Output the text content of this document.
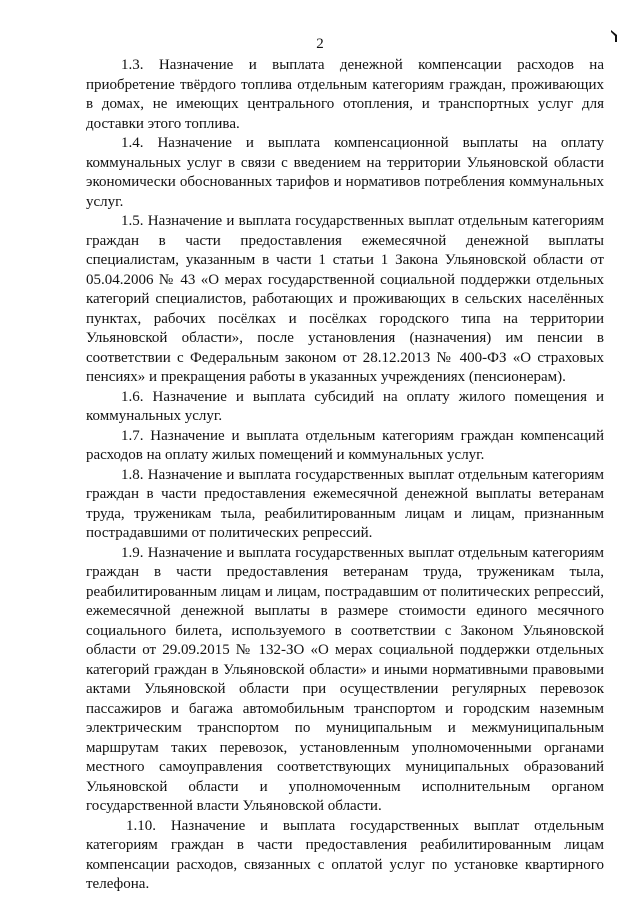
2

1.3. Назначение и выплата денежной компенсации расходов на приобретение твёрдого топлива отдельным категориям граждан, проживающих в домах, не имеющих центрального отопления, и транспортных услуг для доставки этого топлива.

1.4. Назначение и выплата компенсационной выплаты на оплату коммунальных услуг в связи с введением на территории Ульяновской области экономически обоснованных тарифов и нормативов потребления коммунальных услуг.

1.5. Назначение и выплата государственных выплат отдельным категориям граждан в части предоставления ежемесячной денежной выплаты специалистам, указанным в части 1 статьи 1 Закона Ульяновской области от 05.04.2006 № 43 «О мерах государственной социальной поддержки отдельных категорий специалистов, работающих и проживающих в сельских населённых пунктах, рабочих посёлках и посёлках городского типа на территории Ульяновской области», после установления (назначения) им пенсии в соответствии с Федеральным законом от 28.12.2013 № 400-ФЗ «О страховых пенсиях» и прекращения работы в указанных учреждениях (пенсионерам).

1.6. Назначение и выплата субсидий на оплату жилого помещения и коммунальных услуг.

1.7. Назначение и выплата отдельным категориям граждан компенсаций расходов на оплату жилых помещений и коммунальных услуг.

1.8. Назначение и выплата государственных выплат отдельным категориям граждан в части предоставления ежемесячной денежной выплаты ветеранам труда, труженикам тыла, реабилитированным лицам и лицам, признанным пострадавшими от политических репрессий.

1.9. Назначение и выплата государственных выплат отдельным категориям граждан в части предоставления ветеранам труда, труженикам тыла, реабилитированным лицам и лицам, пострадавшим от политических репрессий, ежемесячной денежной выплаты в размере стоимости единого месячного социального билета, используемого в соответствии с Законом Ульяновской области от 29.09.2015 № 132-ЗО «О мерах социальной поддержки отдельных категорий граждан в Ульяновской области» и иными нормативными правовыми актами Ульяновской области при осуществлении регулярных перевозок пассажиров и багажа автомобильным транспортом и городским наземным электрическим транспортом по муниципальным и межмуниципальным маршрутам таких перевозок, установленным уполномоченными органами местного самоуправления соответствующих муниципальных образований Ульяновской области и уполномоченным исполнительным органом государственной власти Ульяновской области.

1.10. Назначение и выплата государственных выплат отдельным категориям граждан в части предоставления реабилитированным лицам компенсации расходов, связанных с оплатой услуг по установке квартирного телефона.
